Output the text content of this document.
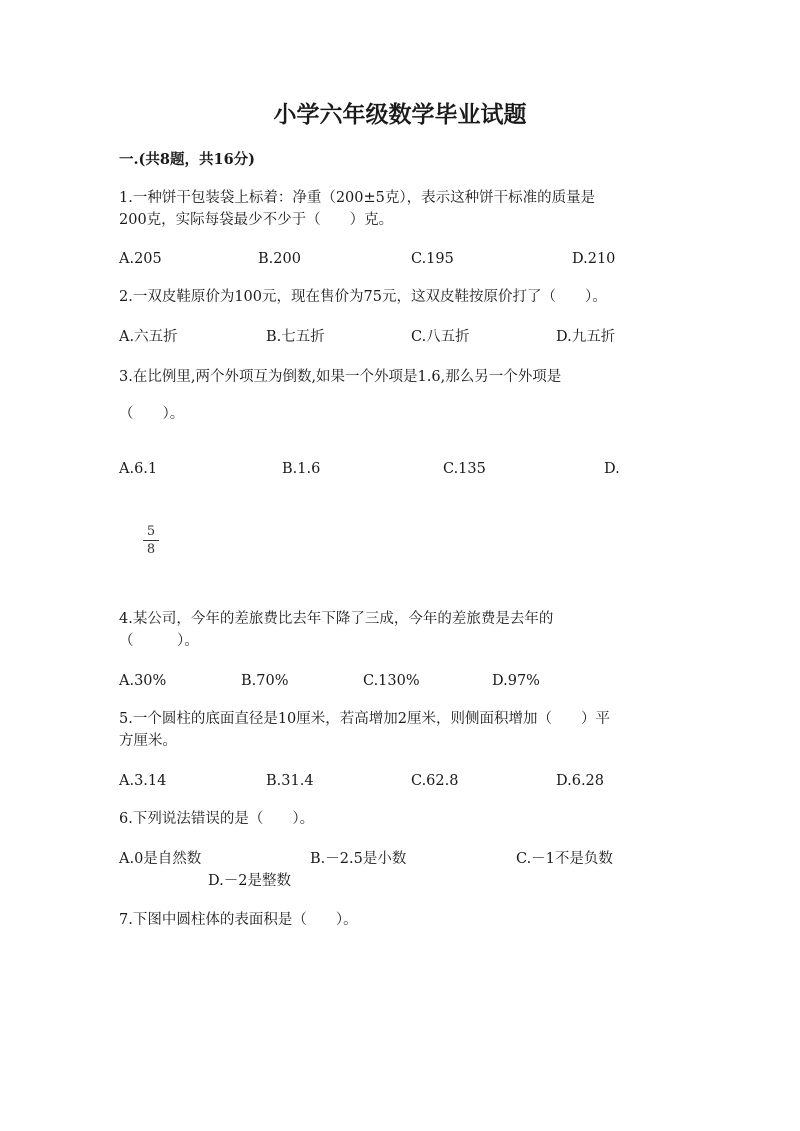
小学六年级数学毕业试题
一.(共8题，共16分)
1.一种饼干包装袋上标着：净重（200±5克），表示这种饼干标准的质量是
200克，实际每袋最少不少于（　　）克。
A.205	B.200	C.195	D.210
2.一双皮鞋原价为100元，现在售价为75元，这双皮鞋按原价打了（　　）。
A.六五折	B.七五折	C.八五折	D.九五折
3.在比例里,两个外项互为倒数,如果一个外项是1.6,那么另一个外项是
（　　）。
A.6.1	B.1.6	C.135	D.
5
8
4.某公司，今年的差旅费比去年下降了三成，今年的差旅费是去年的
（　　　）。
A.30%	B.70%	C.130%	D.97%
5.一个圆柱的底面直径是10厘米，若高增加2厘米，则侧面积增加（　　）平
方厘米。
A.3.14	B.31.4	C.62.8	D.6.28
6.下列说法错误的是（　　）。
A.0是自然数	B.－2.5是小数	C.－1不是负数
D.－2是整数
7.下图中圆柱体的表面积是（　　）。
